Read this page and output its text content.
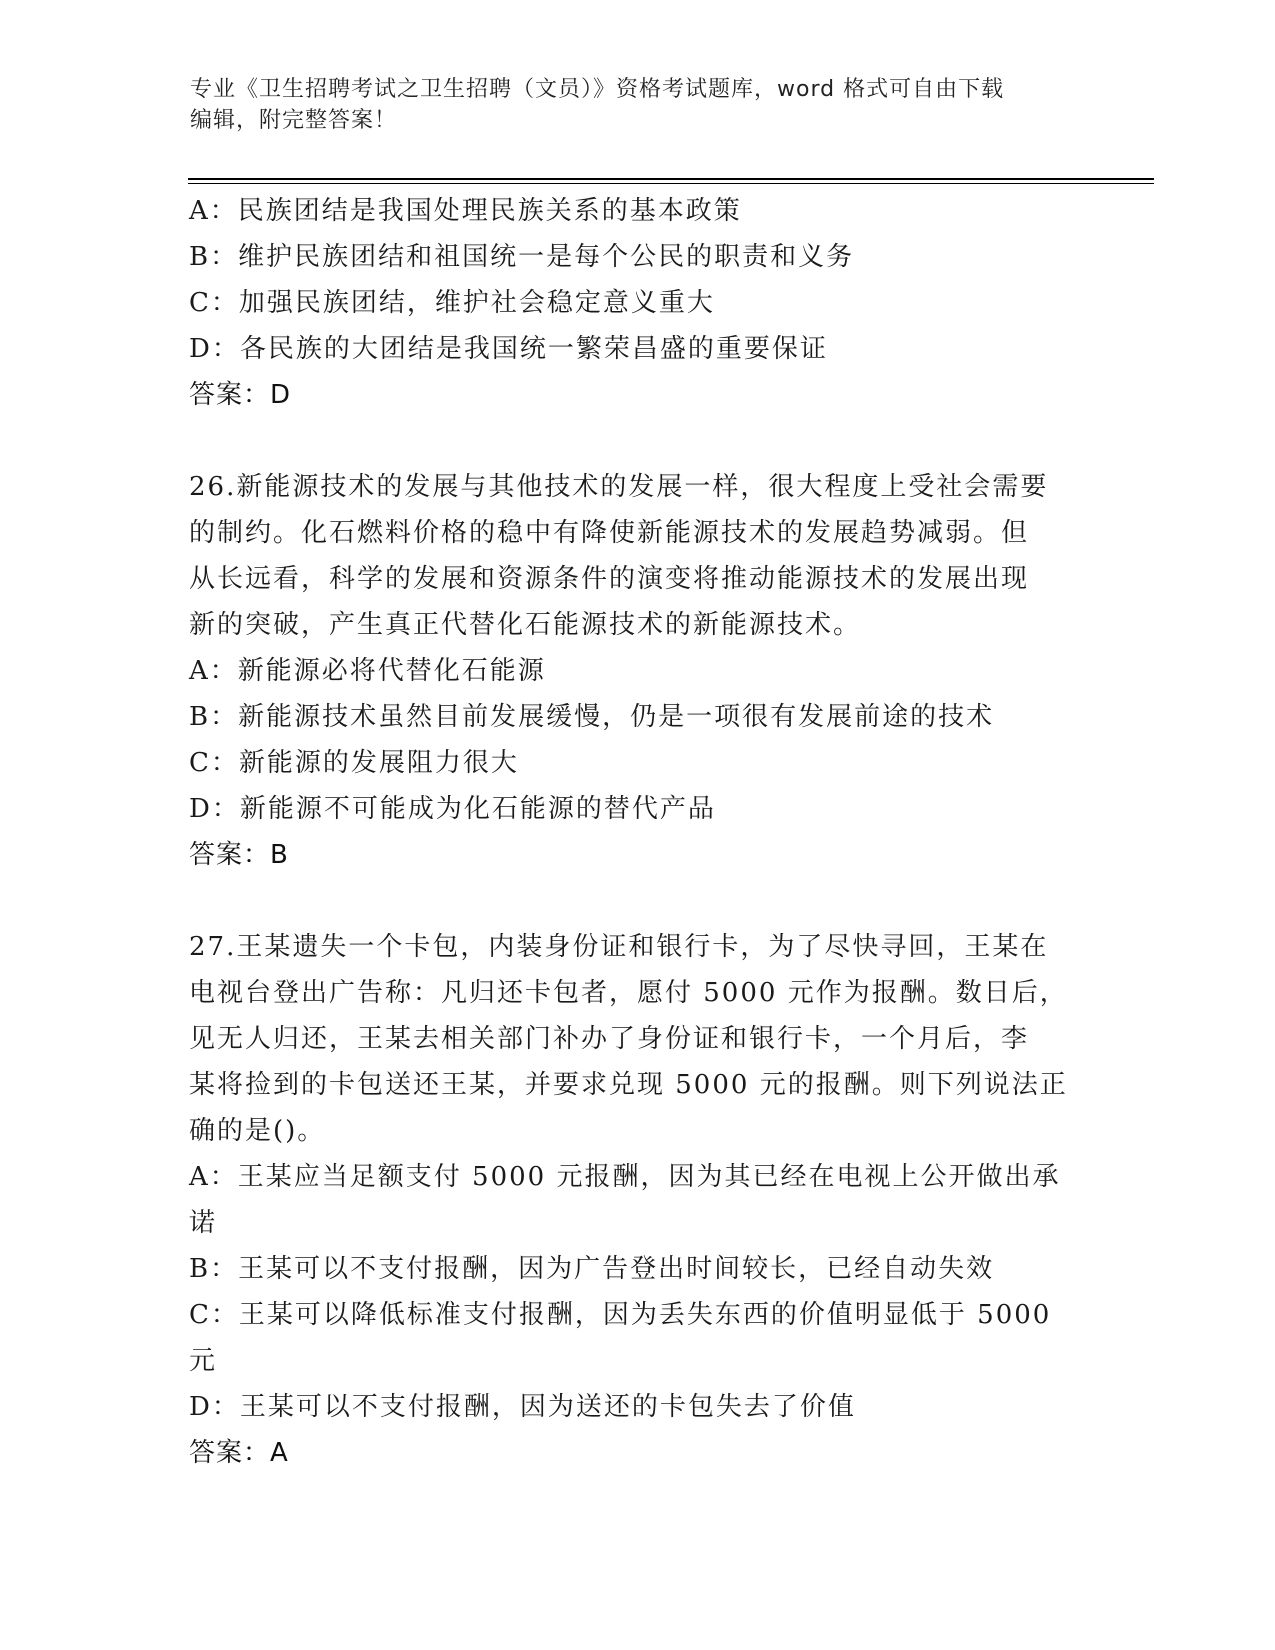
专业《卫生招聘考试之卫生招聘（文员）》资格考试题库，word 格式可自由下载
编辑，附完整答案！
A：民族团结是我国处理民族关系的基本政策
B：维护民族团结和祖国统一是每个公民的职责和义务
C：加强民族团结，维护社会稳定意义重大
D：各民族的大团结是我国统一繁荣昌盛的重要保证
答案：D
26.新能源技术的发展与其他技术的发展一样，很大程度上受社会需要
的制约。化石燃料价格的稳中有降使新能源技术的发展趋势减弱。但
从长远看，科学的发展和资源条件的演变将推动能源技术的发展出现
新的突破，产生真正代替化石能源技术的新能源技术。
A：新能源必将代替化石能源
B：新能源技术虽然目前发展缓慢，仍是一项很有发展前途的技术
C：新能源的发展阻力很大
D：新能源不可能成为化石能源的替代产品
答案：B
27.王某遗失一个卡包，内装身份证和银行卡，为了尽快寻回，王某在
电视台登出广告称：凡归还卡包者，愿付 5000 元作为报酬。数日后，
见无人归还，王某去相关部门补办了身份证和银行卡，一个月后，李
某将捡到的卡包送还王某，并要求兑现 5000 元的报酬。则下列说法正
确的是()。
A：王某应当足额支付 5000 元报酬，因为其已经在电视上公开做出承
诺
B：王某可以不支付报酬，因为广告登出时间较长，已经自动失效
C：王某可以降低标准支付报酬，因为丢失东西的价值明显低于 5000
元
D：王某可以不支付报酬，因为送还的卡包失去了价值
答案：A
